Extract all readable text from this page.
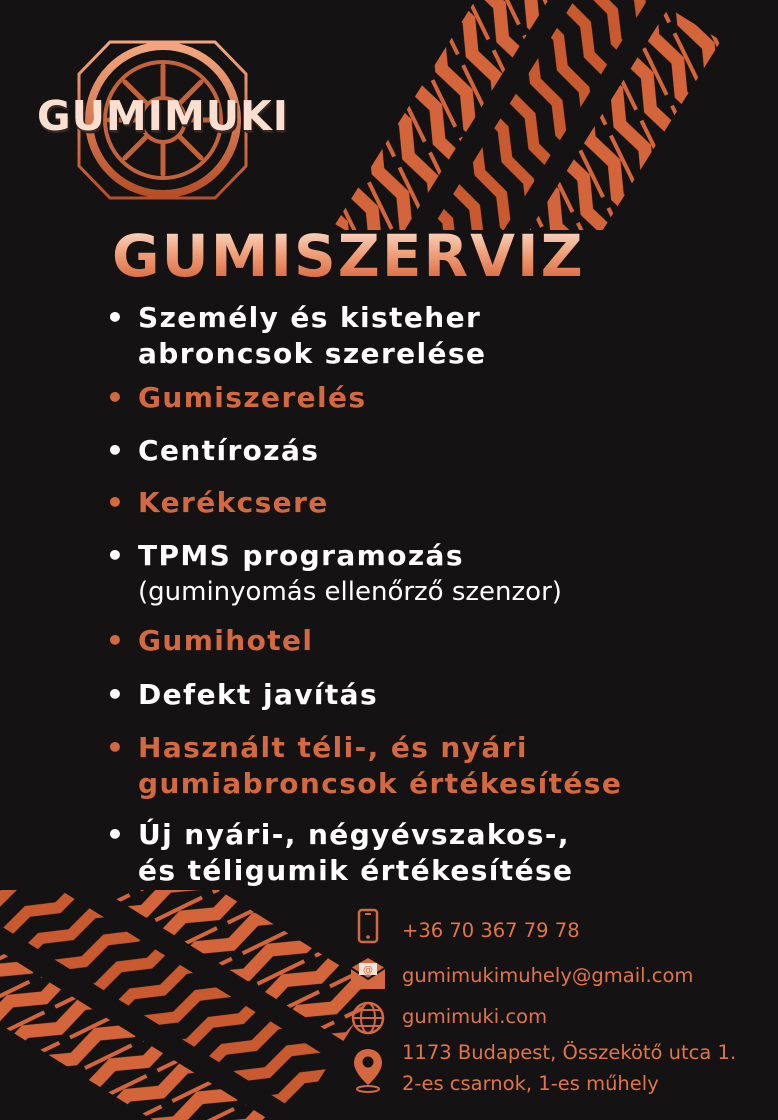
GUMIMUKI
GUMISZERVIZ
• Személy és kisteher
abroncsok szerelése
• Gumiszerelés
• Centírozás
• Kerékcsere
• TPMS programozás
(guminyomás ellenőrző szenzor)
• Gumihotel
• Defekt javítás
• Használt téli-, és nyári
gumiabroncsok értékesítése
• Új nyári-, négyévszakos-,
és téligumik értékesítése
+36 70 367 79 78
@ gumimukimuhely@gmail.com
gumimuki.com
1173 Budapest, Összekötő utca 1.
2-es csarnok, 1-es műhely
